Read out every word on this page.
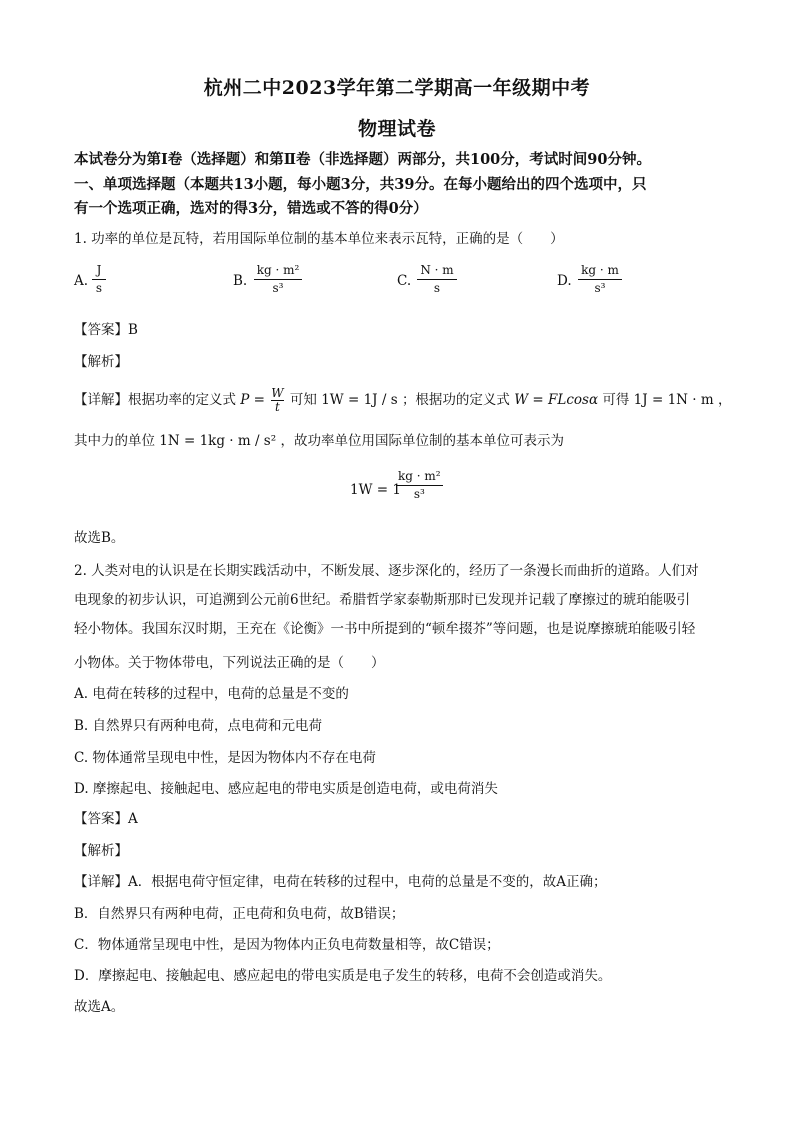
杭州二中2023学年第二学期高一年级期中考
物理试卷
本试卷分为第Ⅰ卷（选择题）和第Ⅱ卷（非选择题）两部分，共100分，考试时间90分钟。
一、单项选择题（本题共13小题，每小题3分，共39分。在每小题给出的四个选项中，只
有一个选项正确，选对的得3分，错选或不答的得0分）
1. 功率的单位是瓦特，若用国际单位制的基本单位来表示瓦特，正确的是（　　）
A.
J
s	B.
kg · m²
s³	C.
N · m
s	D.
kg · m
s³
【答案】B
【解析】
【详解】根据功率的定义式 $P = \frac{W}{t}$ 可知 1W = 1J / s ；根据功的定义式 W = FLcosα 可得 1J = 1N · m ，
其中力的单位 1N = 1kg · m / s² ，故功率单位用国际单位制的基本单位可表示为
1W = 1
kg · m²
s³
故选B。
2. 人类对电的认识是在长期实践活动中，不断发展、逐步深化的，经历了一条漫长而曲折的道路。人们对
电现象的初步认识，可追溯到公元前6世纪。希腊哲学家泰勒斯那时已发现并记载了摩擦过的琥珀能吸引
轻小物体。我国东汉时期，王充在《论衡》一书中所提到的“顿牟掇芥”等问题，也是说摩擦琥珀能吸引轻
小物体。关于物体带电，下列说法正确的是（　　）
A. 电荷在转移的过程中，电荷的总量是不变的
B. 自然界只有两种电荷，点电荷和元电荷
C. 物体通常呈现电中性，是因为物体内不存在电荷
D. 摩擦起电、接触起电、感应起电的带电实质是创造电荷，或电荷消失
【答案】A
【解析】
【详解】A．根据电荷守恒定律，电荷在转移的过程中，电荷的总量是不变的，故A正确；
B．自然界只有两种电荷，正电荷和负电荷，故B错误；
C．物体通常呈现电中性，是因为物体内正负电荷数量相等，故C错误；
D．摩擦起电、接触起电、感应起电的带电实质是电子发生的转移，电荷不会创造或消失。
故选A。
